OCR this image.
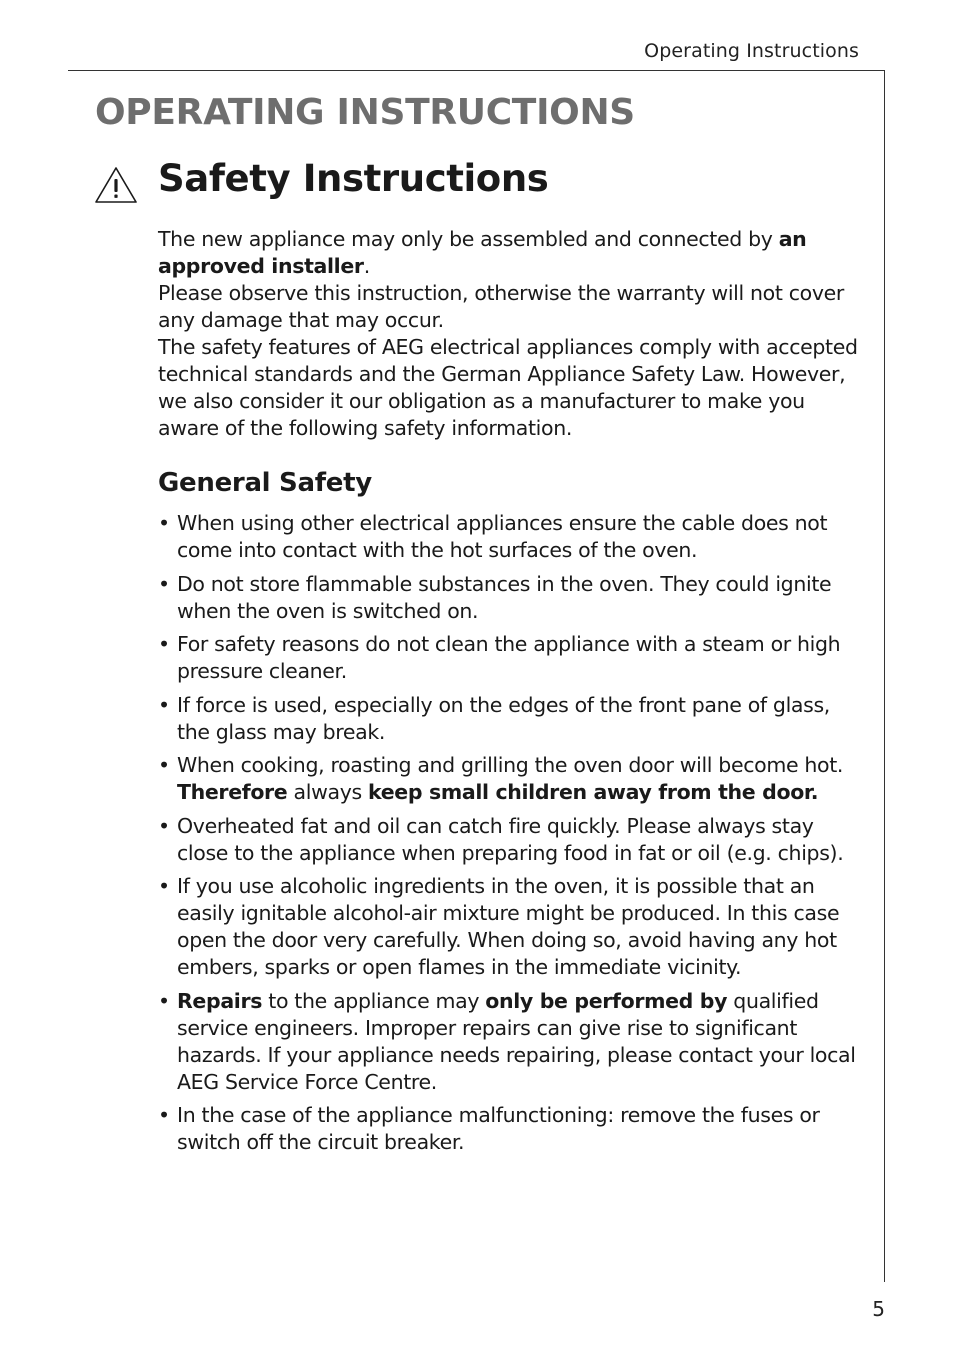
Operating Instructions
OPERATING INSTRUCTIONS
Safety Instructions

The new appliance may only be assembled and connected by an approved installer.

Please observe this instruction, otherwise the warranty will not cover any damage that may occur.

The safety features of AEG electrical appliances comply with accepted technical standards and the German Appliance Safety Law. However, we also consider it our obligation as a manufacturer to make you aware of the following safety information.

General Safety
• When using other electrical appliances ensure the cable does not come into contact with the hot surfaces of the oven.
• Do not store flammable substances in the oven. They could ignite when the oven is switched on.
• For safety reasons do not clean the appliance with a steam or high pressure cleaner.
• If force is used, especially on the edges of the front pane of glass, the glass may break.
• When cooking, roasting and grilling the oven door will become hot. Therefore always keep small children away from the door.
• Overheated fat and oil can catch fire quickly. Please always stay close to the appliance when preparing food in fat or oil (e.g. chips).
• If you use alcoholic ingredients in the oven, it is possible that an easily ignitable alcohol-air mixture might be produced. In this case open the door very carefully. When doing so, avoid having any hot embers, sparks or open flames in the immediate vicinity.
• Repairs to the appliance may only be performed by qualified service engineers. Improper repairs can give rise to significant hazards. If your appliance needs repairing, please contact your local AEG Service Force Centre.
• In the case of the appliance malfunctioning: remove the fuses or switch off the circuit breaker.
5
